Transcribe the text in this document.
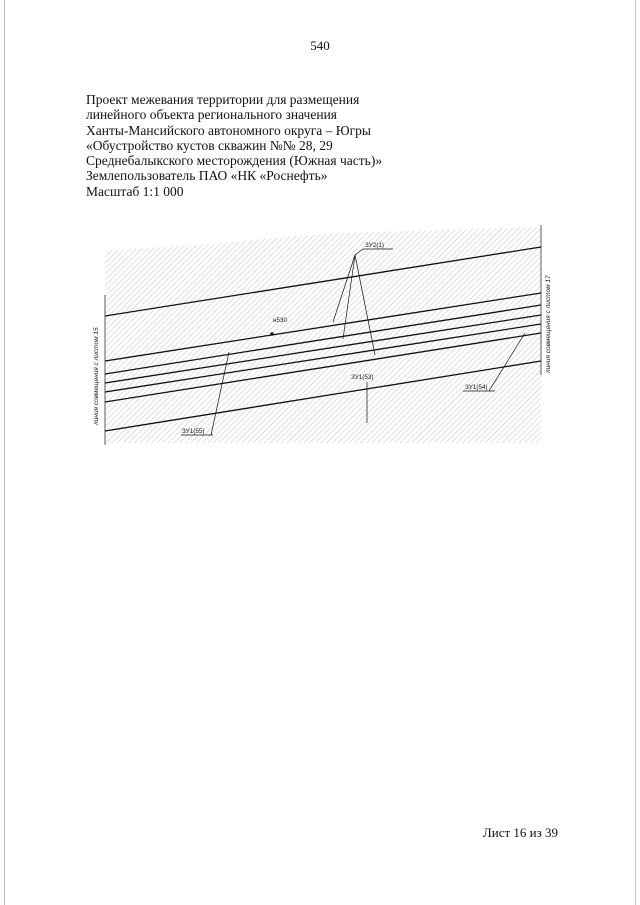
540
Проект межевания территории для размещения
линейного объекта регионального значения
Ханты-Мансийского автономного округа – Югры
«Обустройство кустов скважин №№ 28, 29
Среднебалыкского месторождения (Южная часть)»
Землепользователь ПАО «НК «Роснефть»
Масштаб 1:1 000
ЗУ2(1)
н530
ЗУ1(53)
ЗУ1(54)
ЗУ1(55)
линия совмещения с листом 15
линия совмещения с листом 17
Лист 16 из 39
